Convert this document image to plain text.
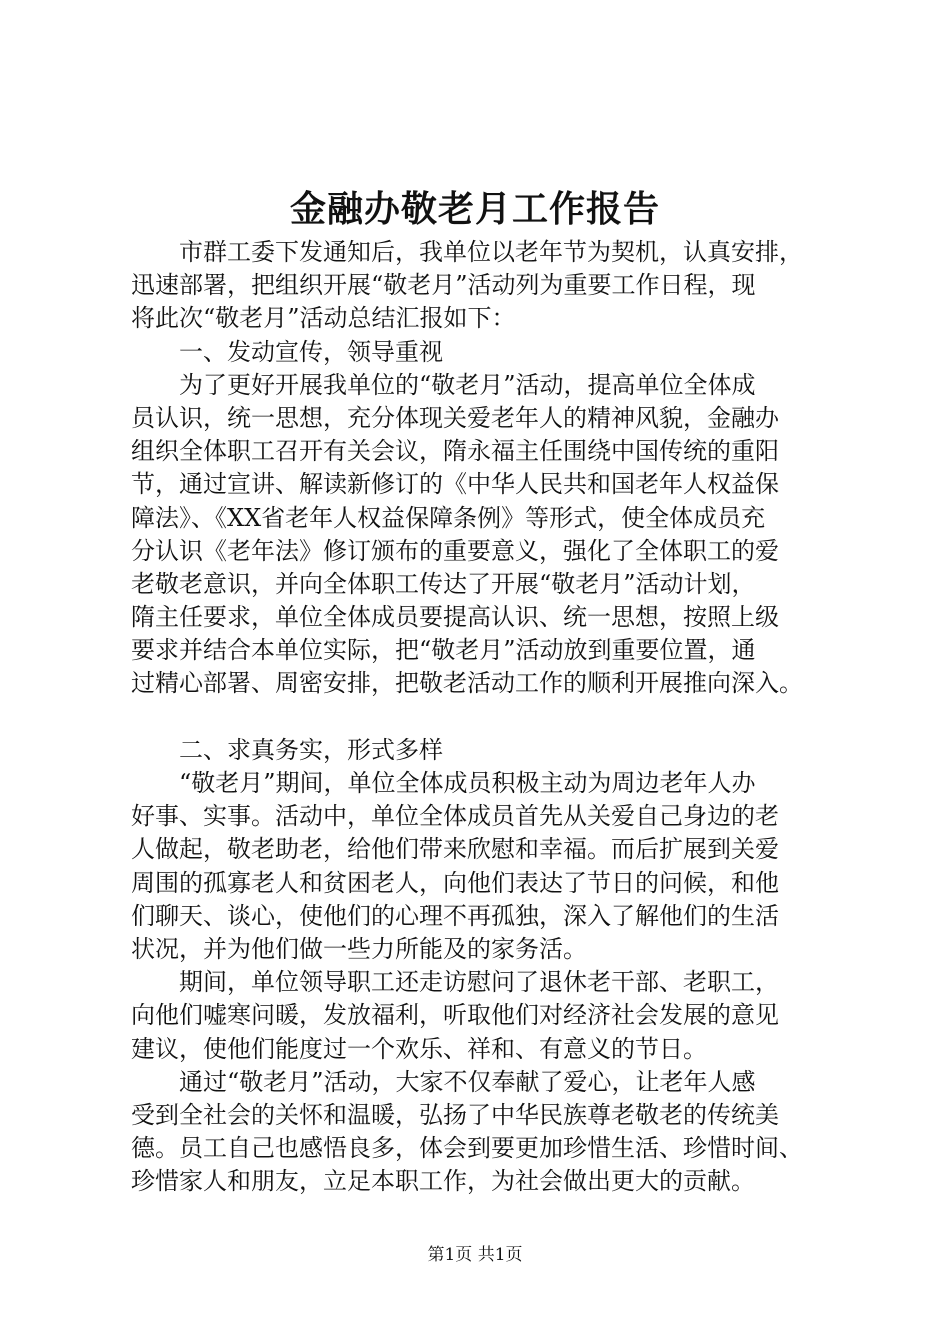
金融办敬老月工作报告
市群工委下发通知后，我单位以老年节为契机，认真安排，
迅速部署，把组织开展“敬老月”活动列为重要工作日程，现
将此次“敬老月”活动总结汇报如下：
一、发动宣传，领导重视
为了更好开展我单位的“敬老月”活动，提高单位全体成
员认识，统一思想，充分体现关爱老年人的精神风貌，金融办
组织全体职工召开有关会议，隋永福主任围绕中国传统的重阳
节，通过宣讲、解读新修订的《中华人民共和国老年人权益保
障法》、《XX省老年人权益保障条例》等形式，使全体成员充
分认识《老年法》修订颁布的重要意义，强化了全体职工的爱
老敬老意识，并向全体职工传达了开展“敬老月”活动计划，
隋主任要求，单位全体成员要提高认识、统一思想，按照上级
要求并结合本单位实际，把“敬老月”活动放到重要位置，通
过精心部署、周密安排，把敬老活动工作的顺利开展推向深入。
二、求真务实，形式多样
“敬老月”期间，单位全体成员积极主动为周边老年人办
好事、实事。活动中，单位全体成员首先从关爱自己身边的老
人做起，敬老助老，给他们带来欣慰和幸福。而后扩展到关爱
周围的孤寡老人和贫困老人，向他们表达了节日的问候，和他
们聊天、谈心，使他们的心理不再孤独，深入了解他们的生活
状况，并为他们做一些力所能及的家务活。
期间，单位领导职工还走访慰问了退休老干部、老职工，
向他们嘘寒问暖，发放福利，听取他们对经济社会发展的意见
建议，使他们能度过一个欢乐、祥和、有意义的节日。
通过“敬老月”活动，大家不仅奉献了爱心，让老年人感
受到全社会的关怀和温暖，弘扬了中华民族尊老敬老的传统美
德。员工自己也感悟良多，体会到要更加珍惜生活、珍惜时间、
珍惜家人和朋友，立足本职工作，为社会做出更大的贡献。
第1页 共1页
